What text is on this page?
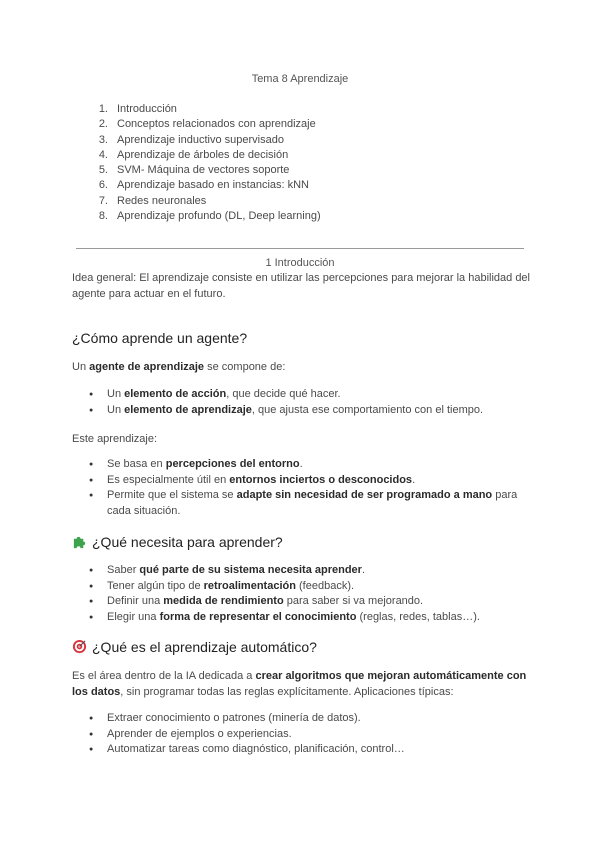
Tema 8 Aprendizaje
1. Introducción
2. Conceptos relacionados con aprendizaje
3. Aprendizaje inductivo supervisado
4. Aprendizaje de árboles de decisión
5. SVM- Máquina de vectores soporte
6. Aprendizaje basado en instancias: kNN
7. Redes neuronales
8. Aprendizaje profundo (DL, Deep learning)
1 Introducción
Idea general: El aprendizaje consiste en utilizar las percepciones para mejorar la habilidad del agente para actuar en el futuro.
¿Cómo aprende un agente?
Un agente de aprendizaje se compone de:
● Un elemento de acción, que decide qué hacer.
● Un elemento de aprendizaje, que ajusta ese comportamiento con el tiempo.
Este aprendizaje:
● Se basa en percepciones del entorno.
● Es especialmente útil en entornos inciertos o desconocidos.
● Permite que el sistema se adapte sin necesidad de ser programado a mano para cada situación.
¿Qué necesita para aprender?
● Saber qué parte de su sistema necesita aprender.
● Tener algún tipo de retroalimentación (feedback).
● Definir una medida de rendimiento para saber si va mejorando.
● Elegir una forma de representar el conocimiento (reglas, redes, tablas…).
¿Qué es el aprendizaje automático?
Es el área dentro de la IA dedicada a crear algoritmos que mejoran automáticamente con los datos, sin programar todas las reglas explícitamente. Aplicaciones típicas:
● Extraer conocimiento o patrones (minería de datos).
● Aprender de ejemplos o experiencias.
● Automatizar tareas como diagnóstico, planificación, control…
